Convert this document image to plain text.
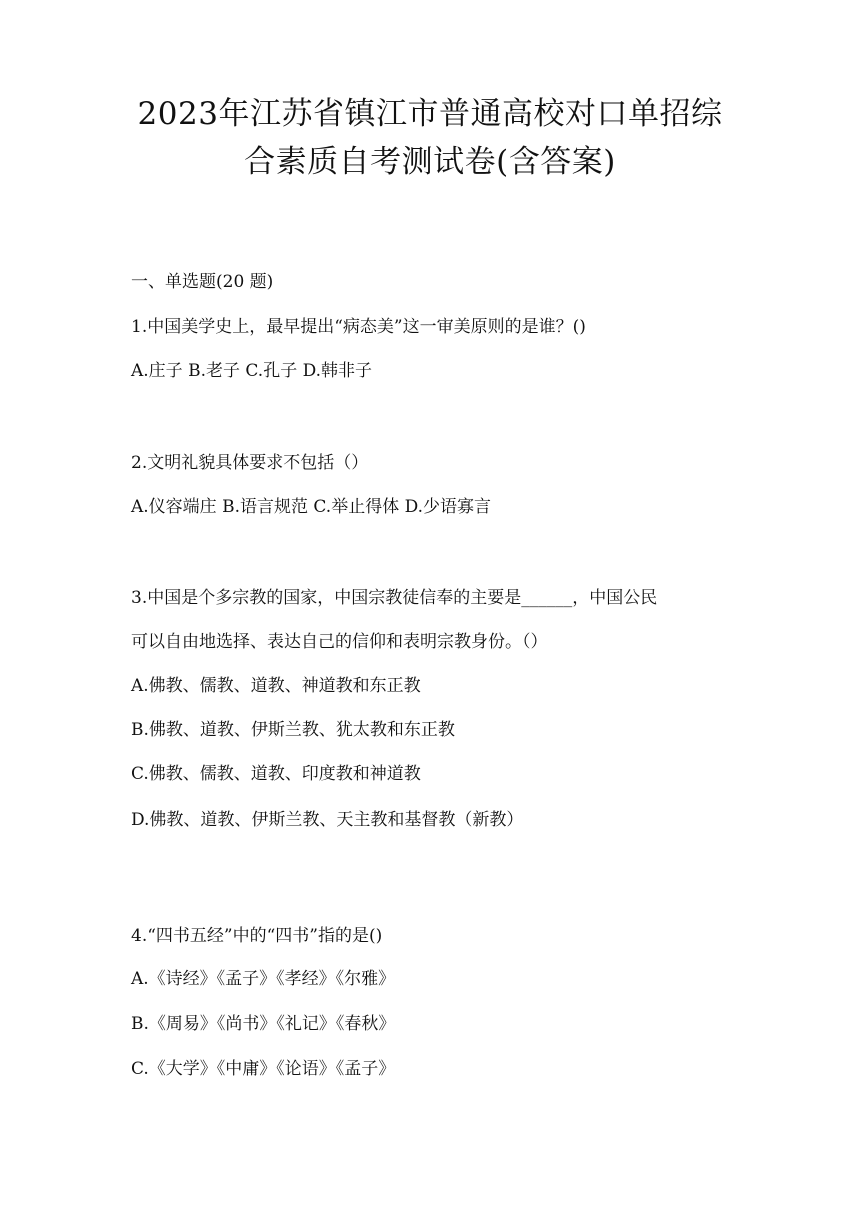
2023年江苏省镇江市普通高校对口单招综
合素质自考测试卷(含答案)
一、单选题(20 题)
1.中国美学史上，最早提出“病态美”这一审美原则的是谁？()
A.庄子 B.老子 C.孔子 D.韩非子
2.文明礼貌具体要求不包括（）
A.仪容端庄 B.语言规范 C.举止得体 D.少语寡言
3.中国是个多宗教的国家，中国宗教徒信奉的主要是______，中国公民
可以自由地选择、表达自己的信仰和表明宗教身份。（）
A.佛教、儒教、道教、神道教和东正教
B.佛教、道教、伊斯兰教、犹太教和东正教
C.佛教、儒教、道教、印度教和神道教
D.佛教、道教、伊斯兰教、天主教和基督教（新教）
4.“四书五经”中的“四书”指的是()
A.《诗经》《孟子》《孝经》《尔雅》
B.《周易》《尚书》《礼记》《春秋》
C.《大学》《中庸》《论语》《孟子》
